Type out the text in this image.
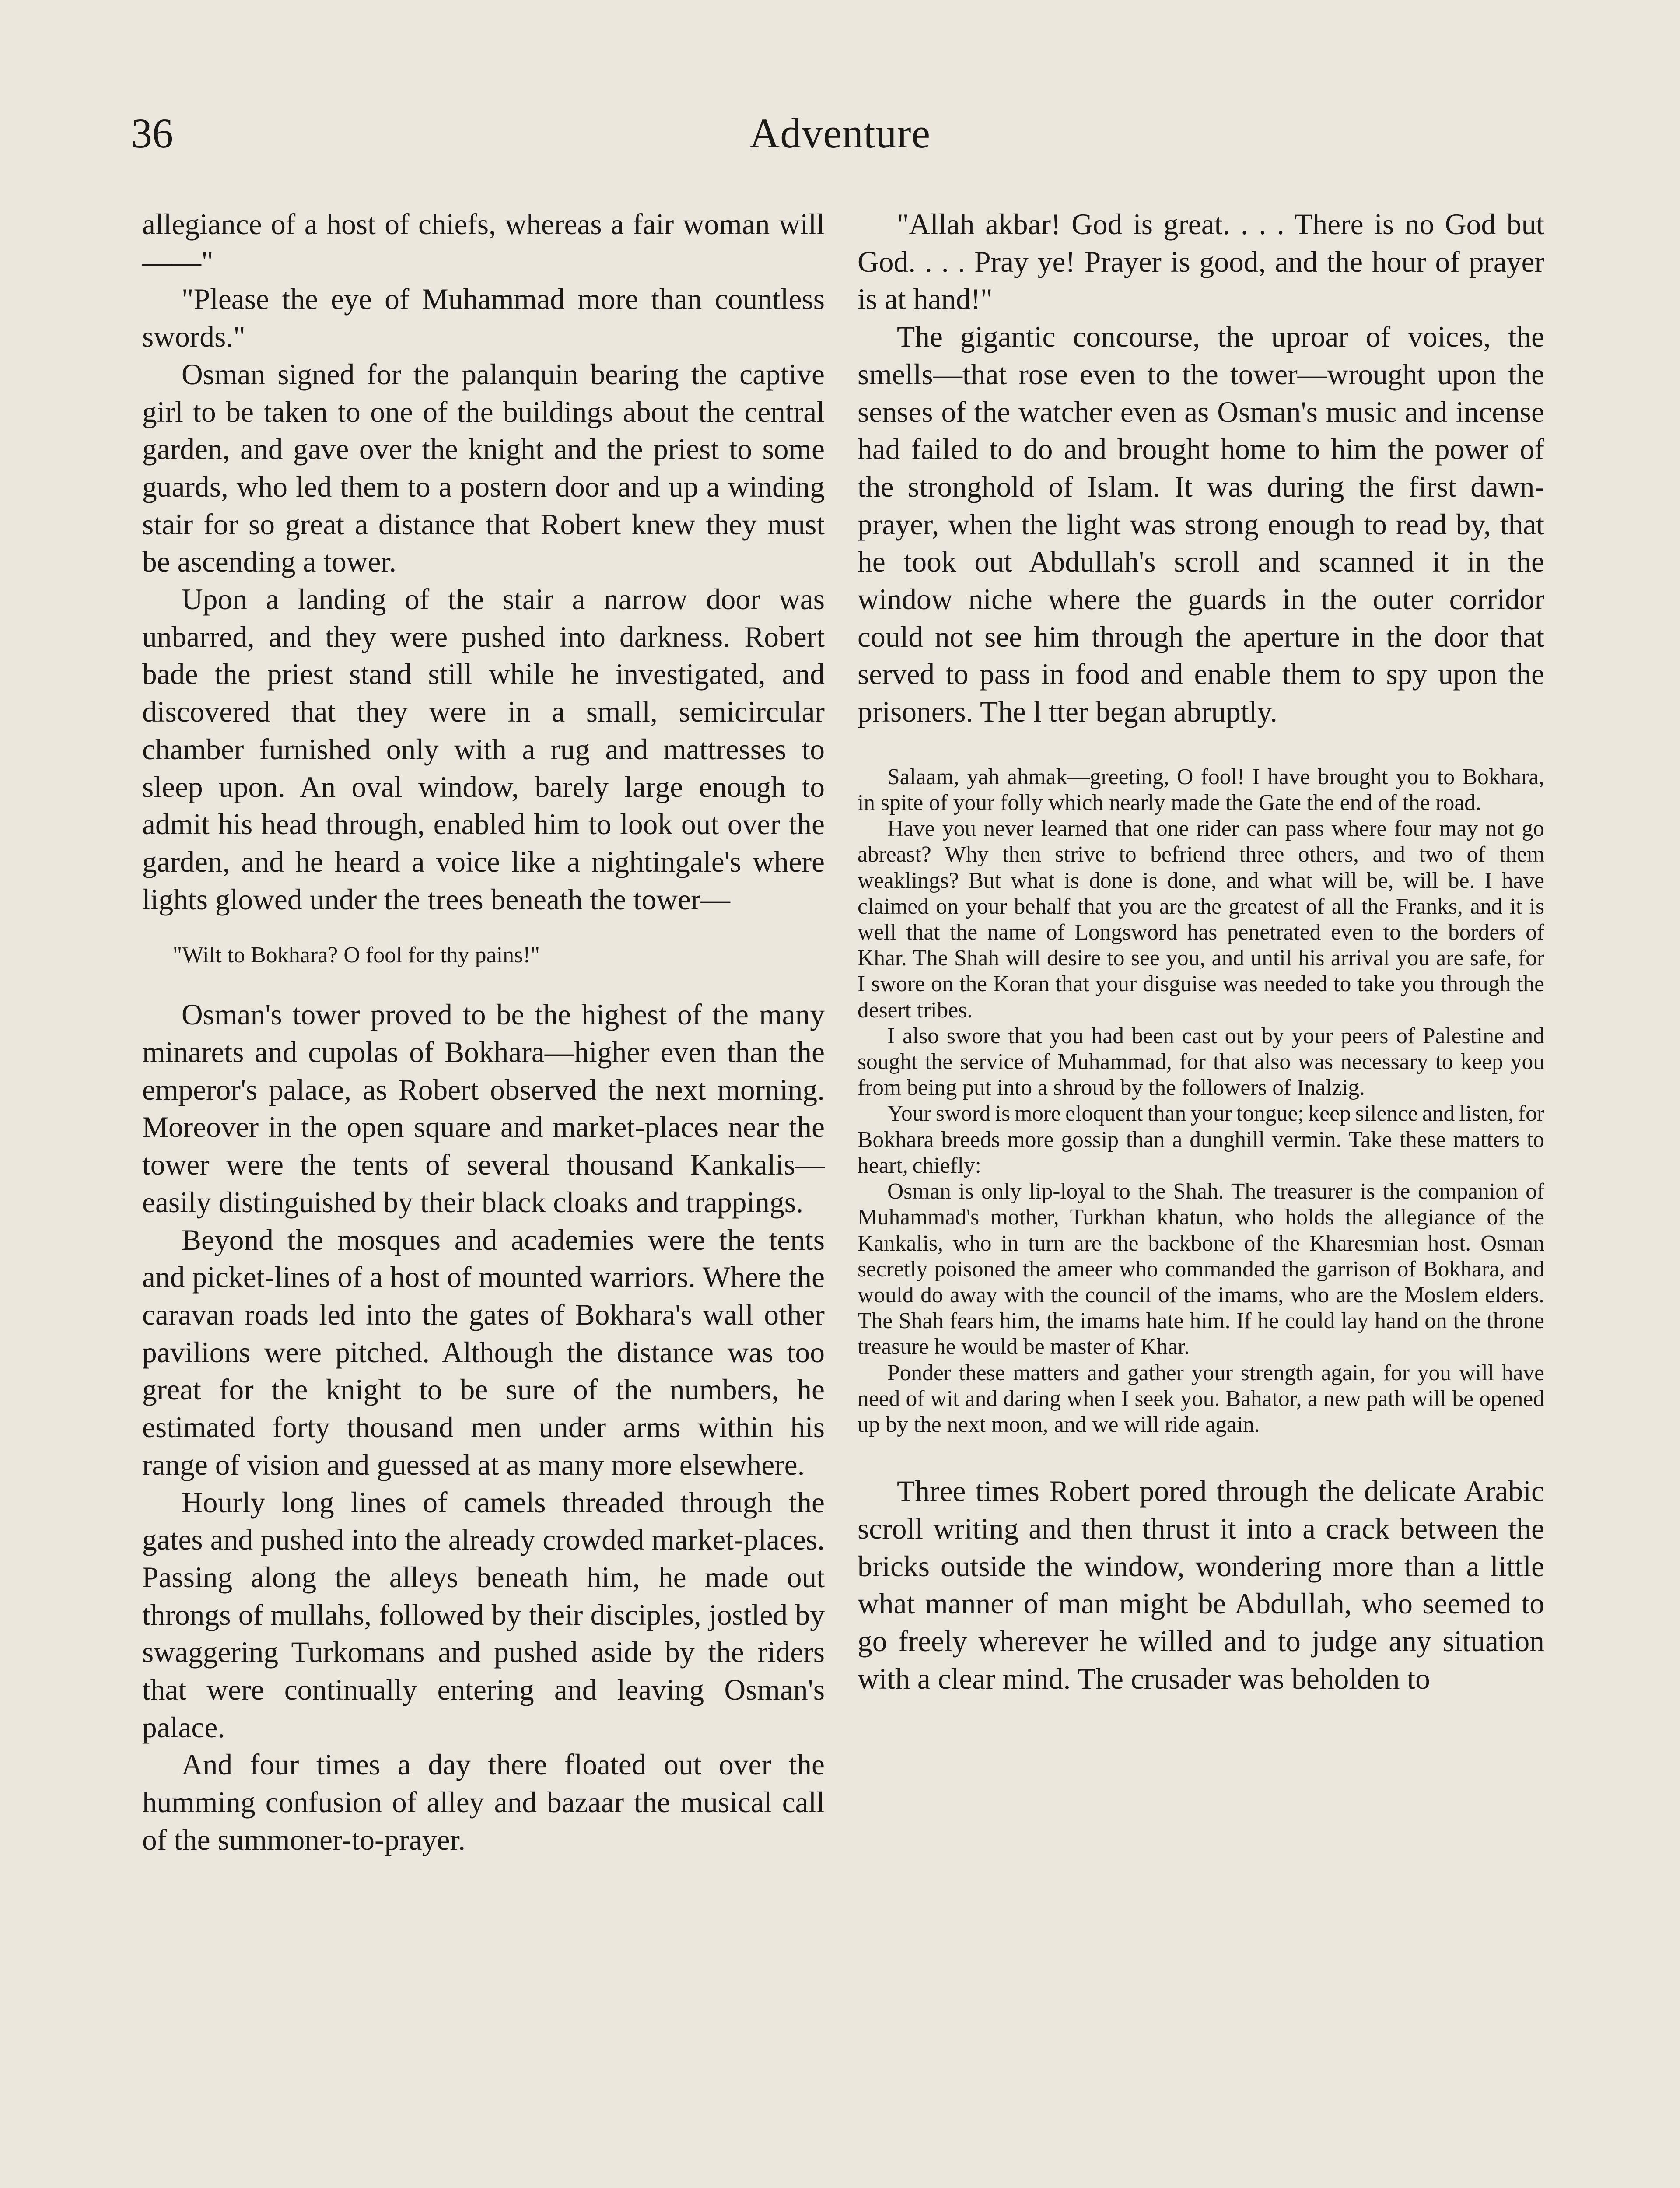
36	Adventure

allegiance of a host of chiefs, whereas a fair woman will——"

"Please the eye of Muhammad more than countless swords."

Osman signed for the palanquin bearing the captive girl to be taken to one of the buildings about the central garden, and gave over the knight and the priest to some guards, who led them to a postern door and up a winding stair for so great a distance that Robert knew they must be ascending a tower.

Upon a landing of the stair a narrow door was unbarred, and they were pushed into darkness. Robert bade the priest stand still while he investigated, and discovered that they were in a small, semicircular chamber furnished only with a rug and mattresses to sleep upon. An oval window, barely large enough to admit his head through, enabled him to look out over the garden, and he heard a voice like a nightingale's where lights glowed under the trees beneath the tower—

"Wilt to Bokhara? O fool for thy pains!"

Osman's tower proved to be the highest of the many minarets and cupolas of Bokhara—higher even than the emperor's palace, as Robert observed the next morning. Moreover in the open square and market-places near the tower were the tents of several thousand Kankalis—easily distinguished by their black cloaks and trappings.

Beyond the mosques and academies were the tents and picket-lines of a host of mounted warriors. Where the caravan roads led into the gates of Bokhara's wall other pavilions were pitched. Although the distance was too great for the knight to be sure of the numbers, he estimated forty thousand men under arms within his range of vision and guessed at as many more elsewhere.

Hourly long lines of camels threaded through the gates and pushed into the already crowded market-places. Passing along the alleys beneath him, he made out throngs of mullahs, followed by their disciples, jostled by swaggering Turkomans and pushed aside by the riders that were continually entering and leaving Osman's palace.

And four times a day there floated out over the humming confusion of alley and bazaar the musical call of the summoner-to-prayer.

"Allah akbar! God is great. . . . There is no God but God. . . . Pray ye! Prayer is good, and the hour of prayer is at hand!"

The gigantic concourse, the uproar of voices, the smells—that rose even to the tower—wrought upon the senses of the watcher even as Osman's music and incense had failed to do and brought home to him the power of the stronghold of Islam. It was during the first dawn-prayer, when the light was strong enough to read by, that he took out Abdullah's scroll and scanned it in the window niche where the guards in the outer corridor could not see him through the aperture in the door that served to pass in food and enable them to spy upon the prisoners. The l tter began abruptly.

Salaam, yah ahmak—greeting, O fool! I have brought you to Bokhara, in spite of your folly which nearly made the Gate the end of the road.

Have you never learned that one rider can pass where four may not go abreast? Why then strive to befriend three others, and two of them weaklings? But what is done is done, and what will be, will be. I have claimed on your behalf that you are the greatest of all the Franks, and it is well that the name of Longsword has penetrated even to the borders of Khar. The Shah will desire to see you, and until his arrival you are safe, for I swore on the Koran that your disguise was needed to take you through the desert tribes.

I also swore that you had been cast out by your peers of Palestine and sought the service of Muhammad, for that also was necessary to keep you from being put into a shroud by the followers of Inalzig.

Your sword is more eloquent than your tongue; keep silence and listen, for Bokhara breeds more gossip than a dunghill vermin. Take these matters to heart, chiefly:

Osman is only lip-loyal to the Shah. The treasurer is the companion of Muhammad's mother, Turkhan khatun, who holds the allegiance of the Kankalis, who in turn are the backbone of the Kharesmian host. Osman secretly poisoned the ameer who commanded the garrison of Bokhara, and would do away with the council of the imams, who are the Moslem elders. The Shah fears him, the imams hate him. If he could lay hand on the throne treasure he would be master of Khar.

Ponder these matters and gather your strength again, for you will have need of wit and daring when I seek you. Bahator, a new path will be opened up by the next moon, and we will ride again.

Three times Robert pored through the delicate Arabic scroll writing and then thrust it into a crack between the bricks outside the window, wondering more than a little what manner of man might be Abdullah, who seemed to go freely wherever he willed and to judge any situation with a clear mind. The crusader was beholden to
